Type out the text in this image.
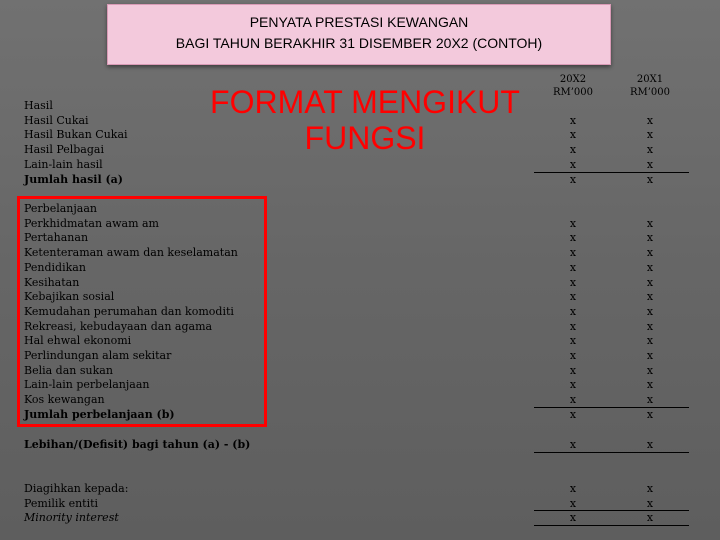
PENYATA PRESTASI KEWANGAN
BAGI TAHUN BERAKHIR 31 DISEMBER 20X2 (CONTOH)
FORMAT MENGIKUT FUNGSI
20X2
RM’000
20X1
RM’000
Hasil
Hasil Cukai
Hasil Bukan Cukai
Hasil Pelbagai
Lain-lain hasil
Jumlah hasil (a)
Perbelanjaan
Perkhidmatan awam am
Pertahanan
Ketenteraman awam dan keselamatan
Pendidikan
Kesihatan
Kebajikan sosial
Kemudahan perumahan dan komoditi
Rekreasi, kebudayaan dan agama
Hal ehwal ekonomi
Perlindungan alam sekitar
Belia dan sukan
Lain-lain perbelanjaan
Kos kewangan
Jumlah perbelanjaan (b)
Lebihan/(Defisit) bagi tahun (a) - (b)
Diagihkan kepada:
Pemilik entiti
Minority interest
x
x
x
x
x
x
x
x
x
x
x
x
x
x
x
x
x
x
x
x
x
x
x
x
x
x
x
x
x
x
x
x
x
x
x
x
x
x
x
x
x
x
x
x
x
x
